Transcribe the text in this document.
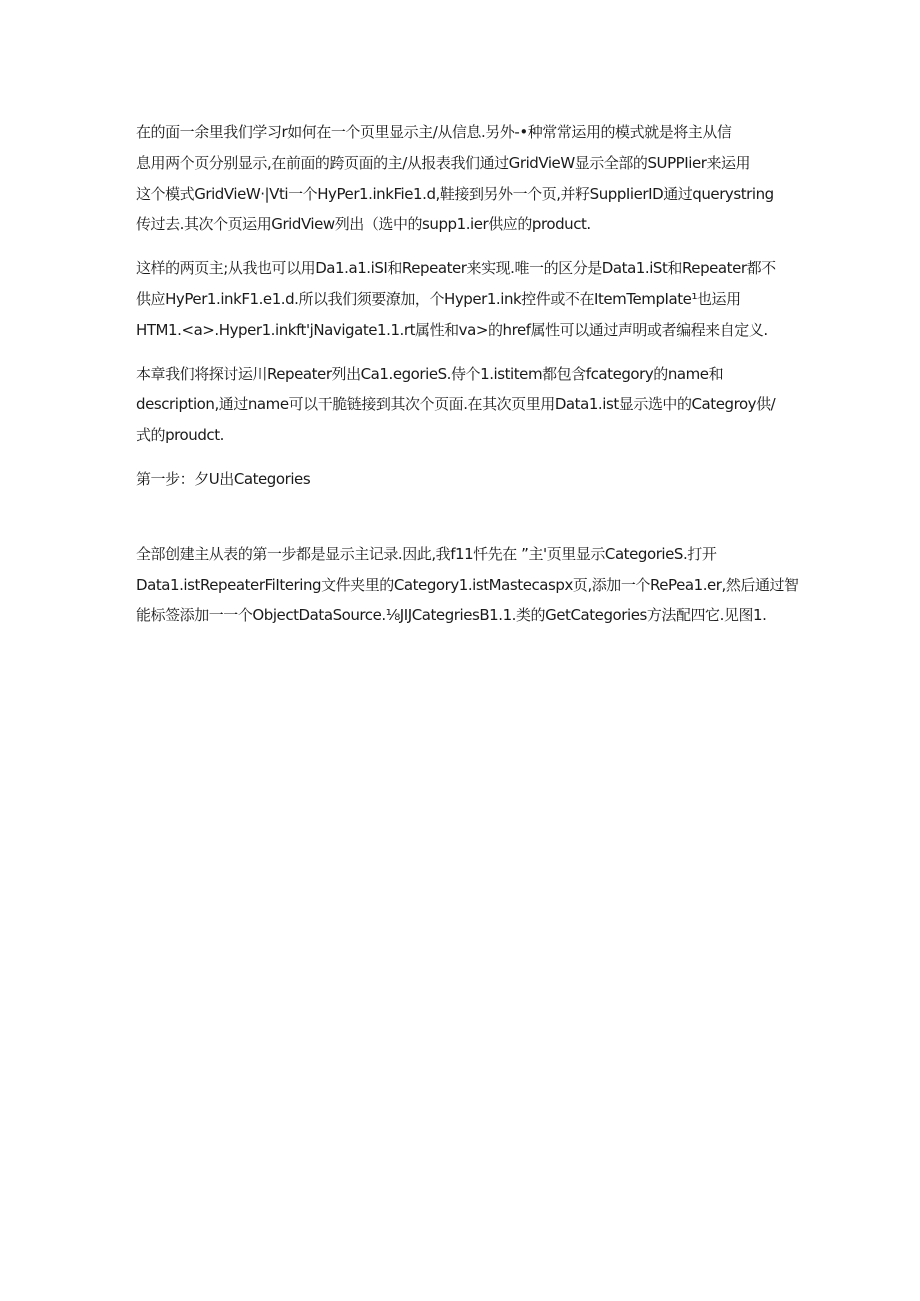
在的面一余里我们学习r如何在一个页里显示主/从信息.另外-•种常常运用的模式就是将主从信
息用两个页分别显示,在前面的跨页面的主/从报表我们通过GridVieW显示全部的SUPPIier来运用
这个模式GridVieW·|Vti一个HyPer1.inkFie1.d,鞋接到另外一个页,并籽SuppIierID通过querystring
传过去.其次个页运用GridView列出（选中的supp1.ier供应的product.

这样的两页主;从我也可以用Da1.a1.iSI和Repeater来实现.唯一的区分是Data1.iSt和Repeater都不
供应HyPer1.inkF1.e1.d.所以我们须要潦加，个Hyper1.ink控件或不在ItemTempIate¹也运用
HTM1.<a>.Hyper1.inkft'jNavigate1.1.rt属性和va>的href属性可以通过声明或者编程来自定义.

本章我们将探讨运川Repeater列出Ca1.egorieS.侍个1.istitem都包含fcategory的name和
description,通过name可以干脆链接到其次个页面.在其次页里用Data1.ist显示选中的Categroy供/
式的proudct.

第一步：夕U出Categories

全部创建主从表的第一步都是显示主记录.因此,我f11忏先在 ”主'页里显示CategorieS.打开
Data1.istRepeaterFiItering文件夹里的Category1.istMastecaspx页,添加一个RePea1.er,然后通过智
能标签添加一一个ObjectDataSource.⅛JIJCategriesB1.1.类的GetCategories方法配四它.见图1.
